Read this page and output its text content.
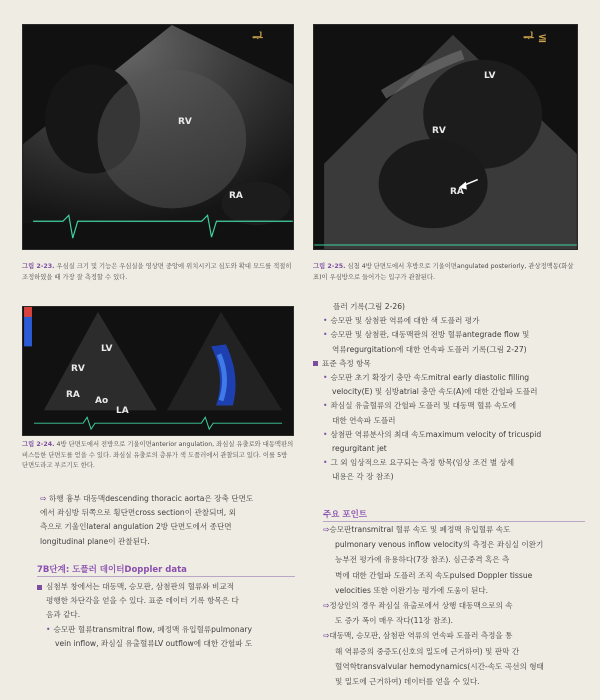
ᆗ
RV
RA
그림 2-23. 우심실 크기 및 기능은 우심실을 영상면 중앙에 위치시키고 심도와 확대 모드를 적절히 조정하였을 때 가장 잘 측정할 수 있다.
ᆗ ≦
LV
RV
RA
그림 2-25. 심첨 4방 단면도에서 후방으로 기울이면angulated posteriorly, 관상정맥동(화살표)이 우심방으로 들어가는 입구가 관찰된다.
LV
RV
RA
Ao
LA
그림 2-24. 4방 단면도에서 전방으로 기울이면anterior angulation, 좌심실 유출로와 대동맥판의 비스듬한 단면도를 얻을 수 있다. 좌심실 유출로의 층류가 색 도플러에서 관찰되고 있다. 이를 5방 단면도라고 부르기도 한다.
⇨ 하행 흉부 대동맥descending thoracic aorta은 장축 단면도
에서 좌심방 뒤쪽으로 횡단면cross section이 관찰되며, 외
측으로 기울인lateral angulation 2방 단면도에서 종단면
longitudinal plane이 관찰된다.
7B단계: 도플러 데이터Doppler data
심첨부 창에서는 대동맥, 승모판, 삼첨판의 혈류와 비교적
평행한 차단각을 얻을 수 있다. 표준 데이터 기록 항목은 다
음과 같다.
• 승모판 혈류transmitral flow, 폐정맥 유입혈류pulmonary
vein inflow, 좌심실 유출혈류LV outflow에 대한 간헐파 도
플러 기록(그림 2-26)
• 승모판 및 삼첨판 역류에 대한 색 도플러 평가
• 승모판 및 삼첨판, 대동맥판의 전방 혈류antegrade flow 및
역류regurgitation에 대한 연속파 도플러 기록(그림 2-27)
표준 측정 항목
• 승모판 초기 확장기 충만 속도mitral early diastolic filling
velocity(E) 및 심방atrial 충만 속도(A)에 대한 간헐파 도플러
• 좌심실 유출혈류의 간헐파 도플러 및 대동맥 혈류 속도에
대한 연속파 도플러
• 삼첨판 역류분사의 최대 속도maximum velocity of tricuspid
regurgitant jet
• 그 외 임상적으로 요구되는 측정 항목(임상 조건 별 상세
내용은 각 장 참조)
주요 포인트
⇨승모판transmitral 혈류 속도 및 폐정맥 유입혈류 속도
pulmonary venous inflow velocity의 측정은 좌심실 이완기
능부전 평가에 유용하다(7장 참조). 심근중격 혹은 측
벽에 대한 간헐파 도플러 조직 속도pulsed Doppler tissue
velocities 또한 이완기능 평가에 도움이 된다.
⇨정상인의 경우 좌심실 유출로에서 상행 대동맥으로의 속
도 증가 폭이 매우 작다(11장 참조).
⇨대동맥, 승모판, 삼첨판 역류의 연속파 도플러 측정을 통
해 역류증의 중증도(신호의 밀도에 근거하여) 및 판막 간
혈역학transvalvular hemodynamics(시간-속도 곡선의 형태
및 밀도에 근거하여) 데이터를 얻을 수 있다.
